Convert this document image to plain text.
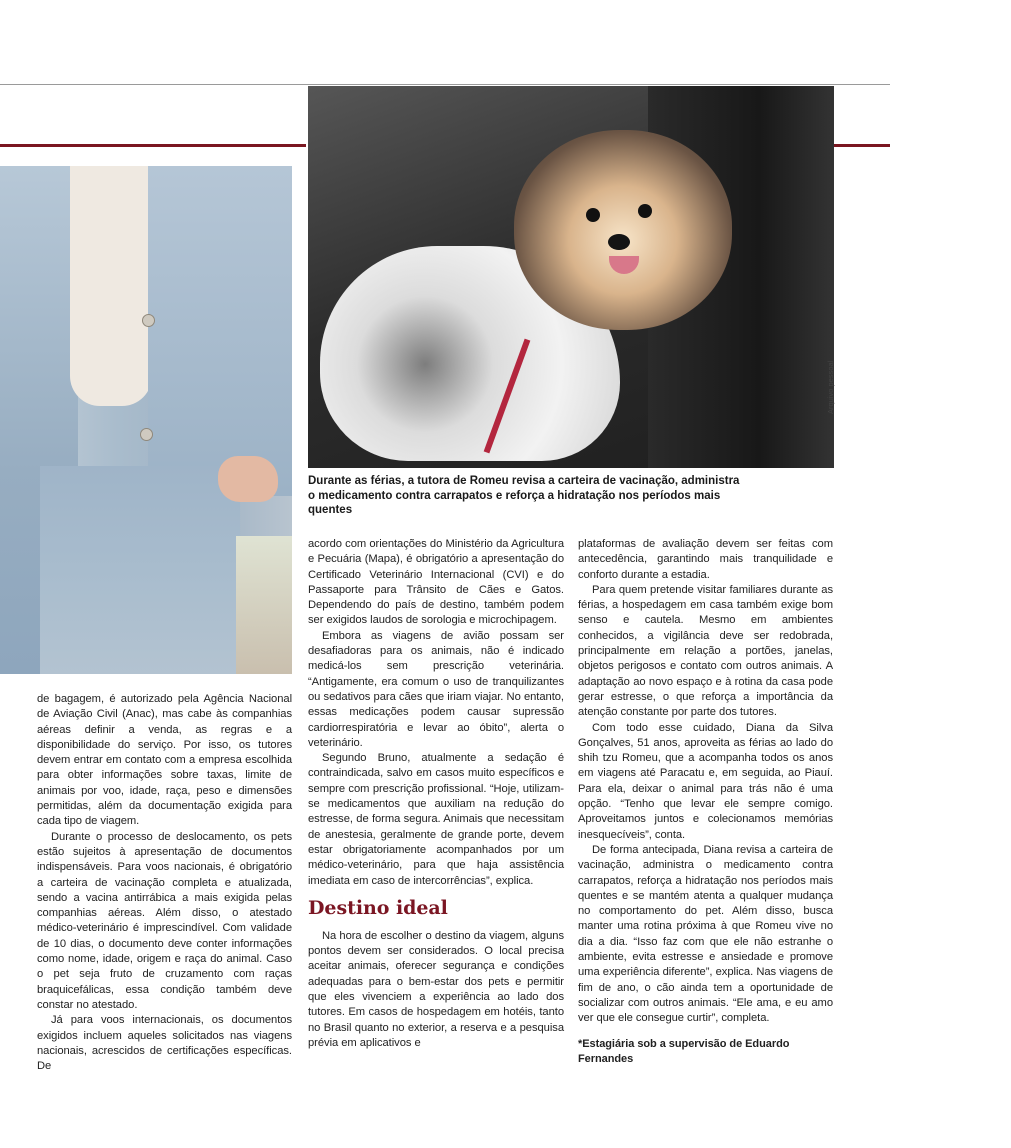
Arquivo pessoal
Durante as férias, a tutora de Romeu revisa a carteira de vacinação, administra o medicamento contra carrapatos e reforça a hidratação nos períodos mais quentes

de bagagem, é autorizado pela Agência Nacional de Aviação Civil (Anac), mas cabe às companhias aéreas definir a venda, as regras e a disponibilidade do serviço. Por isso, os tutores devem entrar em contato com a empresa escolhida para obter informações sobre taxas, limite de animais por voo, idade, raça, peso e dimensões permitidas, além da documentação exigida para cada tipo de viagem.

Durante o processo de deslocamento, os pets estão sujeitos à apresentação de documentos indispensáveis. Para voos nacionais, é obrigatório a carteira de vacinação completa e atualizada, sendo a vacina antirrábica a mais exigida pelas companhias aéreas. Além disso, o atestado médico-veterinário é imprescindível. Com validade de 10 dias, o documento deve conter informações como nome, idade, origem e raça do animal. Caso o pet seja fruto de cruzamento com raças braquicefálicas, essa condição também deve constar no atestado.

Já para voos internacionais, os documentos exigidos incluem aqueles solicitados nas viagens nacionais, acrescidos de certificações específicas. De

acordo com orientações do Ministério da Agricultura e Pecuária (Mapa), é obrigatório a apresentação do Certificado Veterinário Internacional (CVI) e do Passaporte para Trânsito de Cães e Gatos. Dependendo do país de destino, também podem ser exigidos laudos de sorologia e microchipagem.

Embora as viagens de avião possam ser desafiadoras para os animais, não é indicado medicá-los sem prescrição veterinária. “Antigamente, era comum o uso de tranquilizantes ou sedativos para cães que iriam viajar. No entanto, essas medicações podem causar supressão cardiorrespiratória e levar ao óbito”, alerta o veterinário.

Segundo Bruno, atualmente a sedação é contraindicada, salvo em casos muito específicos e sempre com prescrição profissional. “Hoje, utilizam-se medicamentos que auxiliam na redução do estresse, de forma segura. Animais que necessitam de anestesia, geralmente de grande porte, devem estar obrigatoriamente acompanhados por um médico-veterinário, para que haja assistência imediata em caso de intercorrências”, explica.

Destino ideal

Na hora de escolher o destino da viagem, alguns pontos devem ser considerados. O local precisa aceitar animais, oferecer segurança e condições adequadas para o bem-estar dos pets e permitir que eles vivenciem a experiência ao lado dos tutores. Em casos de hospedagem em hotéis, tanto no Brasil quanto no exterior, a reserva e a pesquisa prévia em aplicativos e

plataformas de avaliação devem ser feitas com antecedência, garantindo mais tranquilidade e conforto durante a estadia.

Para quem pretende visitar familiares durante as férias, a hospedagem em casa também exige bom senso e cautela. Mesmo em ambientes conhecidos, a vigilância deve ser redobrada, principalmente em relação a portões, janelas, objetos perigosos e contato com outros animais. A adaptação ao novo espaço e à rotina da casa pode gerar estresse, o que reforça a importância da atenção constante por parte dos tutores.

Com todo esse cuidado, Diana da Silva Gonçalves, 51 anos, aproveita as férias ao lado do shih tzu Romeu, que a acompanha todos os anos em viagens até Paracatu e, em seguida, ao Piauí. Para ela, deixar o animal para trás não é uma opção. “Tenho que levar ele sempre comigo. Aproveitamos juntos e colecionamos memórias inesquecíveis”, conta.

De forma antecipada, Diana revisa a carteira de vacinação, administra o medicamento contra carrapatos, reforça a hidratação nos períodos mais quentes e se mantém atenta a qualquer mudança no comportamento do pet. Além disso, busca manter uma rotina próxima à que Romeu vive no dia a dia. “Isso faz com que ele não estranhe o ambiente, evita estresse e ansiedade e promove uma experiência diferente”, explica. Nas viagens de fim de ano, o cão ainda tem a oportunidade de socializar com outros animais. “Ele ama, e eu amo ver que ele consegue curtir”, completa.

*Estagiária sob a supervisão de Eduardo Fernandes
